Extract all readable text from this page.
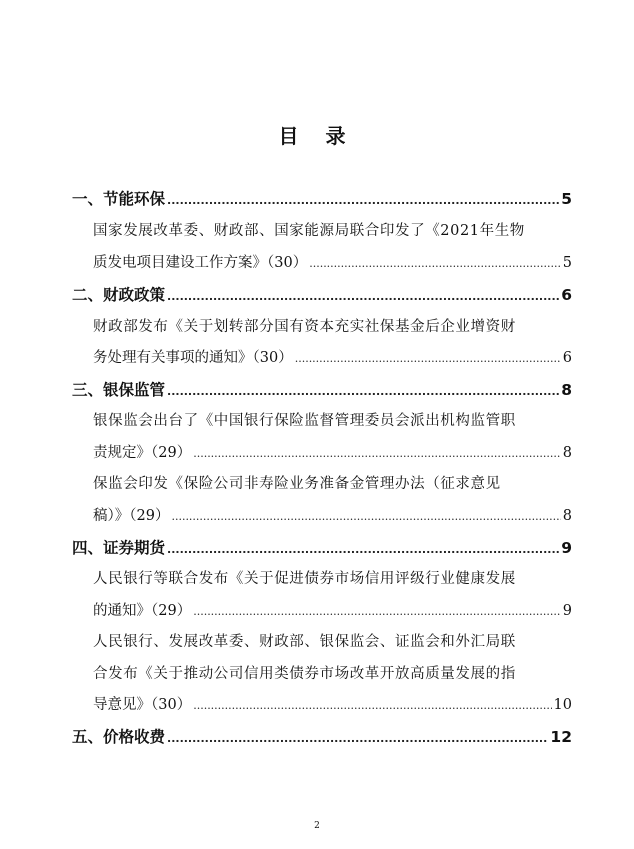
目 录
一、 节能环保 .....	5
国家发展改革委、财政部、国家能源局联合印发了《2021年生物
质发电项目建设工作方案》（30） .....	5
二、 财政政策 .....	6
财政部发布《关于划转部分国有资本充实社保基金后企业增资财
务处理有关事项的通知》（30） .....	6
三、 银保监管 .....	8
银保监会出台了《中国银行保险监督管理委员会派出机构监管职
责规定》（29） .....	8
保监会印发《保险公司非寿险业务准备金管理办法（征求意见
稿）》（29） .....	8
四、 证券期货 .....	9
人民银行等联合发布《关于促进债券市场信用评级行业健康发展
的通知》（29） .....	9
人民银行、发展改革委、财政部、银保监会、证监会和外汇局联
合发布《关于推动公司信用类债券市场改革开放高质量发展的指
导意见》（30） .....	10
五、 价格收费 .....	12
2
